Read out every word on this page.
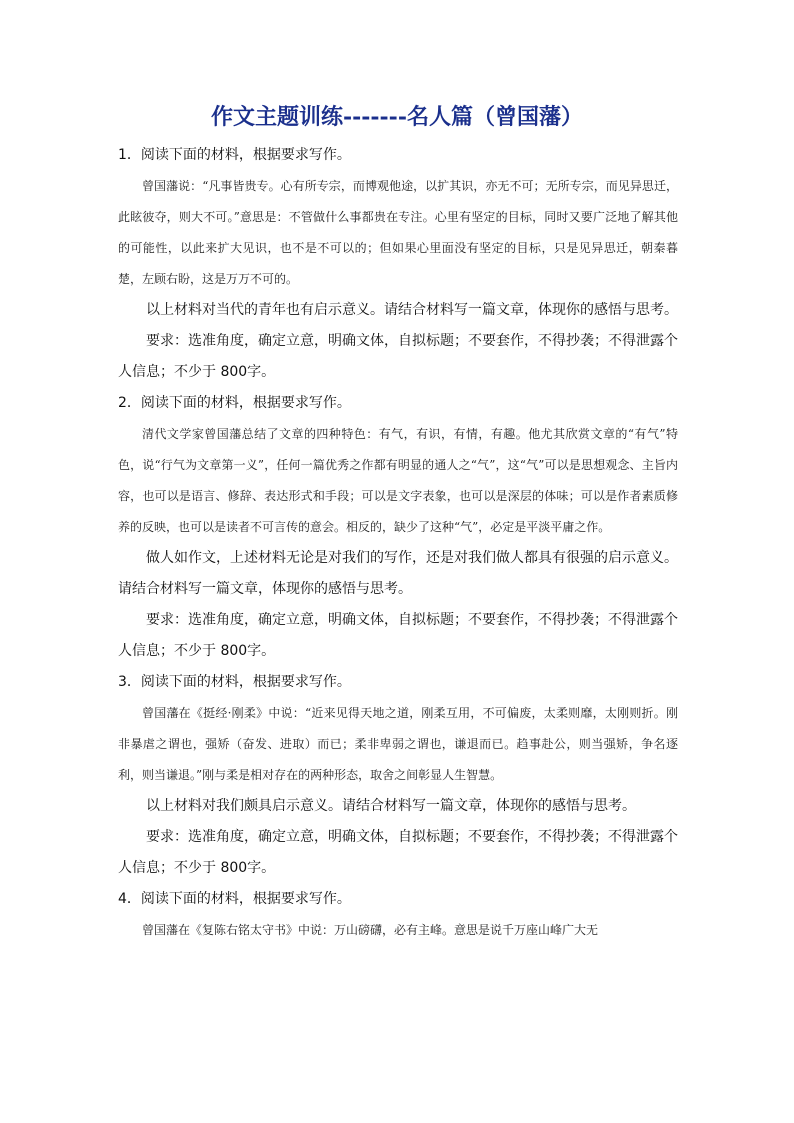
作文主题训练-------名人篇（曾国藩）

1．阅读下面的材料，根据要求写作。

曾国藩说：“凡事皆贵专。心有所专宗，而博观他途，以扩其识，亦无不可；无所专宗，而见异思迁，此眩彼夺，则大不可。”意思是：不管做什么事都贵在专注。心里有坚定的目标，同时又要广泛地了解其他的可能性，以此来扩大见识，也不是不可以的；但如果心里面没有坚定的目标，只是见异思迁，朝秦暮楚，左顾右盼，这是万万不可的。

以上材料对当代的青年也有启示意义。请结合材料写一篇文章，体现你的感悟与思考。

要求：选准角度，确定立意，明确文体，自拟标题；不要套作，不得抄袭；不得泄露个人信息；不少于 800字。

2．阅读下面的材料，根据要求写作。

清代文学家曾国藩总结了文章的四种特色：有气，有识，有情，有趣。他尤其欣赏文章的“有气”特色，说“行气为文章第一义”，任何一篇优秀之作都有明显的通人之“气”，这“气”可以是思想观念、主旨内容，也可以是语言、修辞、表达形式和手段；可以是文字表象，也可以是深层的体味；可以是作者素质修养的反映，也可以是读者不可言传的意会。相反的，缺少了这种“气”，必定是平淡平庸之作。

做人如作文，上述材料无论是对我们的写作，还是对我们做人都具有很强的启示意义。请结合材料写一篇文章，体现你的感悟与思考。

要求：选准角度，确定立意，明确文体，自拟标题；不要套作，不得抄袭；不得泄露个人信息；不少于 800字。

3．阅读下面的材料，根据要求写作。

曾国藩在《挺经·刚柔》中说：“近来见得天地之道，刚柔互用，不可偏废，太柔则靡，太刚则折。刚非暴虐之谓也，强矫（奋发、进取）而已；柔非卑弱之谓也，谦退而已。趋事赴公，则当强矫，争名逐利，则当谦退。”刚与柔是相对存在的两种形态，取舍之间彰显人生智慧。

以上材料对我们颇具启示意义。请结合材料写一篇文章，体现你的感悟与思考。

要求：选准角度，确定立意，明确文体，自拟标题；不要套作，不得抄袭；不得泄露个人信息；不少于 800字。

4．阅读下面的材料，根据要求写作。

曾国藩在《复陈右铭太守书》中说：万山磅礴，必有主峰。意思是说千万座山峰广大无
